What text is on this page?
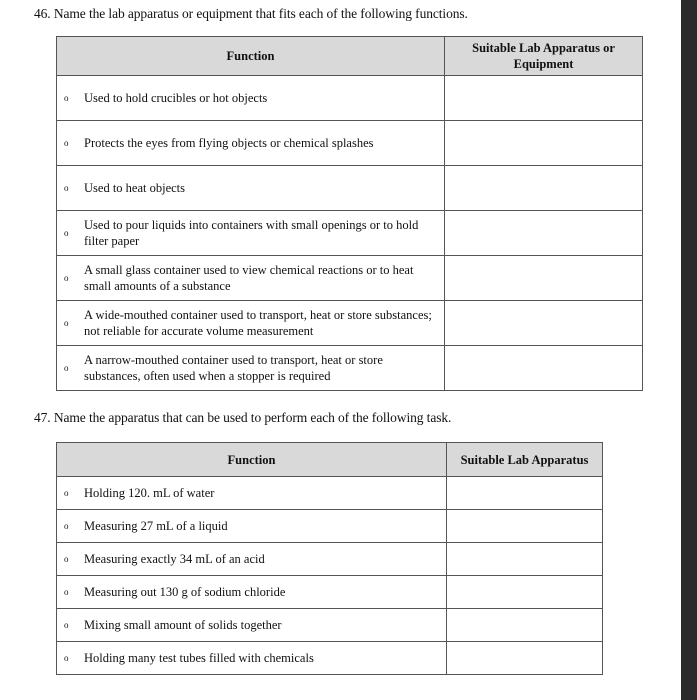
46. Name the lab apparatus or equipment that fits each of the following functions.
Function	Suitable Lab Apparatus or Equipment

o Used to hold crucibles or hot objects	

o Protects the eyes from flying objects or chemical splashes	

o Used to heat objects	

o
Used to pour liquids into containers with small openings or to hold filter paper	

o
A small glass container used to view chemical reactions or to heat small amounts of a substance	

o
A wide-mouthed container used to transport, heat or store substances; not reliable for accurate volume measurement	

o
A narrow-mouthed container used to transport, heat or store substances, often used when a stopper is required	

47. Name the apparatus that can be used to perform each of the following task.
Function	Suitable Lab Apparatus

o Holding 120. mL of water	

o Measuring 27 mL of a liquid	

o Measuring exactly 34 mL of an acid	

o Measuring out 130 g of sodium chloride	

o Mixing small amount of solids together	

o Holding many test tubes filled with chemicals	
